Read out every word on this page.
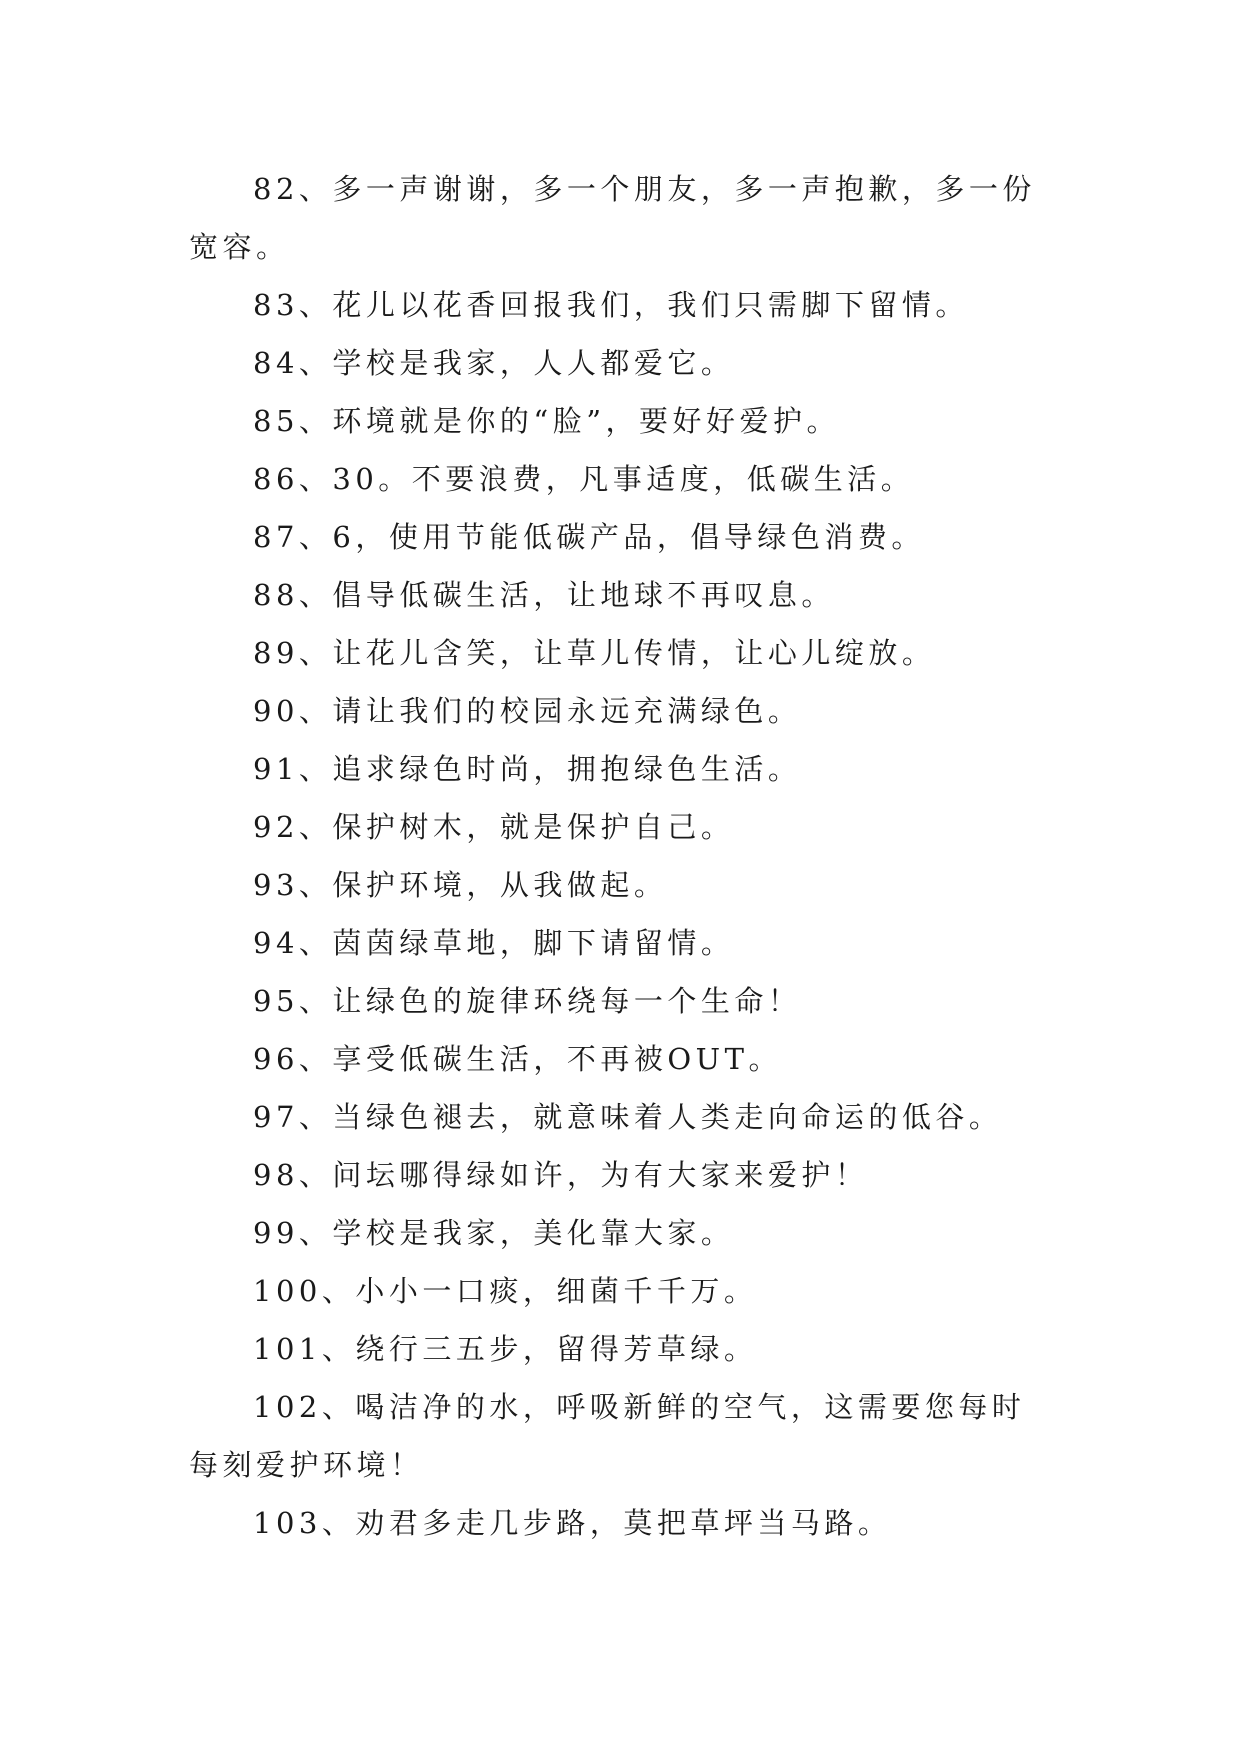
82、多一声谢谢，多一个朋友，多一声抱歉，多一份宽容。

83、花儿以花香回报我们，我们只需脚下留情。

84、学校是我家，人人都爱它。

85、环境就是你的“脸”，要好好爱护。

86、30。不要浪费，凡事适度，低碳生活。

87、6，使用节能低碳产品，倡导绿色消费。

88、倡导低碳生活，让地球不再叹息。

89、让花儿含笑，让草儿传情，让心儿绽放。

90、请让我们的校园永远充满绿色。

91、追求绿色时尚，拥抱绿色生活。

92、保护树木，就是保护自己。

93、保护环境，从我做起。

94、茵茵绿草地，脚下请留情。

95、让绿色的旋律环绕每一个生命！

96、享受低碳生活，不再被OUT。

97、当绿色褪去，就意味着人类走向命运的低谷。

98、问坛哪得绿如许，为有大家来爱护！

99、学校是我家，美化靠大家。

100、小小一口痰，细菌千千万。

101、绕行三五步，留得芳草绿。

102、喝洁净的水，呼吸新鲜的空气，这需要您每时每刻爱护环境！

103、劝君多走几步路，莫把草坪当马路。
